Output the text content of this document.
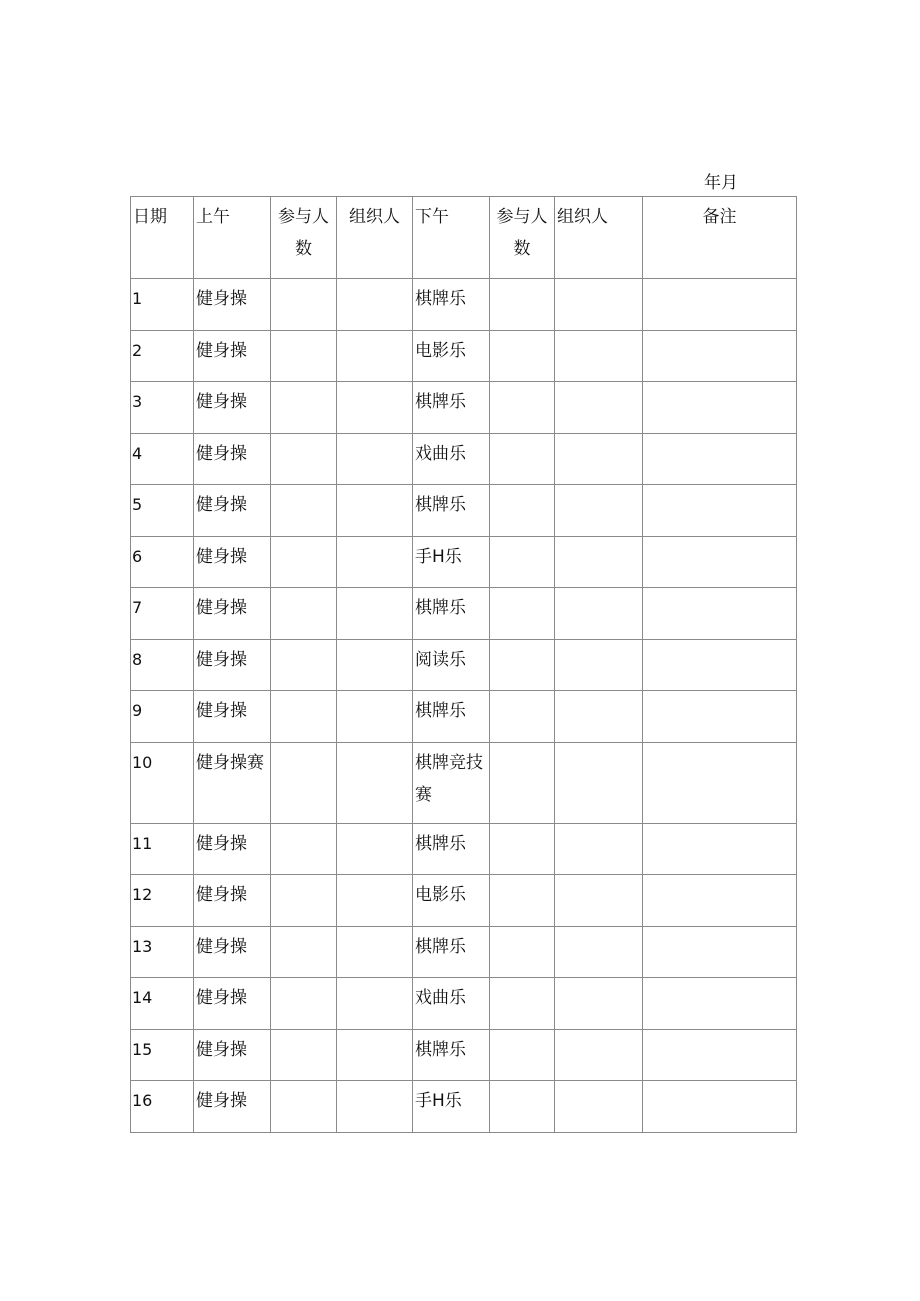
年月
日期	上午	参与人数	组织人	下午	参与人数	组织人	备注
1	健身操			棋牌乐			
2	健身操			电影乐			
3	健身操			棋牌乐			
4	健身操			戏曲乐			
5	健身操			棋牌乐			
6	健身操			手H乐			
7	健身操			棋牌乐			
8	健身操			阅读乐			
9	健身操			棋牌乐			
10	健身操赛			棋牌竞技赛			
11	健身操			棋牌乐			
12	健身操			电影乐			
13	健身操			棋牌乐			
14	健身操			戏曲乐			
15	健身操			棋牌乐			
16	健身操			手H乐			
